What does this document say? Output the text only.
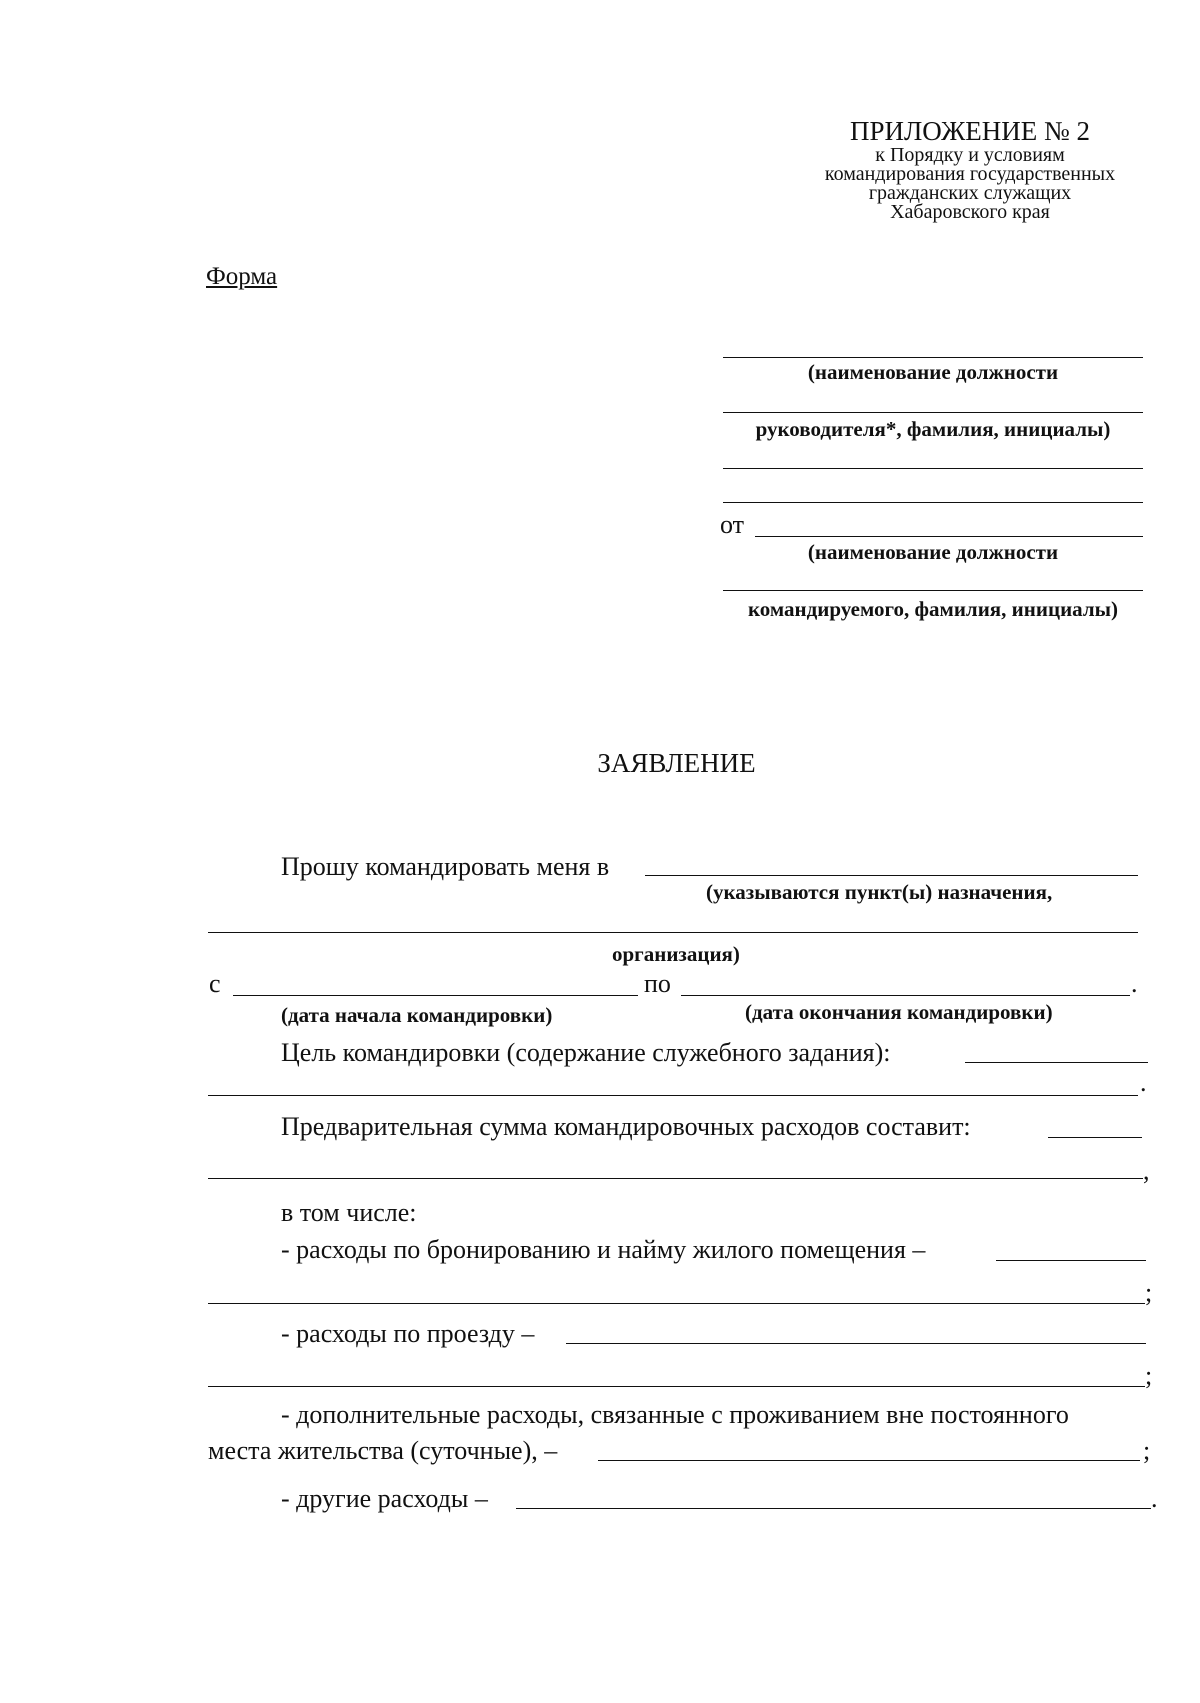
ПРИЛОЖЕНИЕ № 2
к Порядку и условиям
командирования государственных
гражданских служащих
Хабаровского края
Форма
(наименование должности
руководителя*, фамилия, инициалы)
от
(наименование должности
командируемого, фамилия, инициалы)
ЗАЯВЛЕНИЕ
Прошу командировать меня в
(указываются пункт(ы) назначения,
организация)
с	по	.
(дата начала командировки)	(дата окончания командировки)
Цель командировки (содержание служебного задания):
.
Предварительная сумма командировочных расходов составит:
,
в том числе:
- расходы по бронированию и найму жилого помещения –
;
- расходы по проезду –
;
- дополнительные расходы, связанные с проживанием вне постоянного
места жительства (суточные), –	;
- другие расходы –	.
